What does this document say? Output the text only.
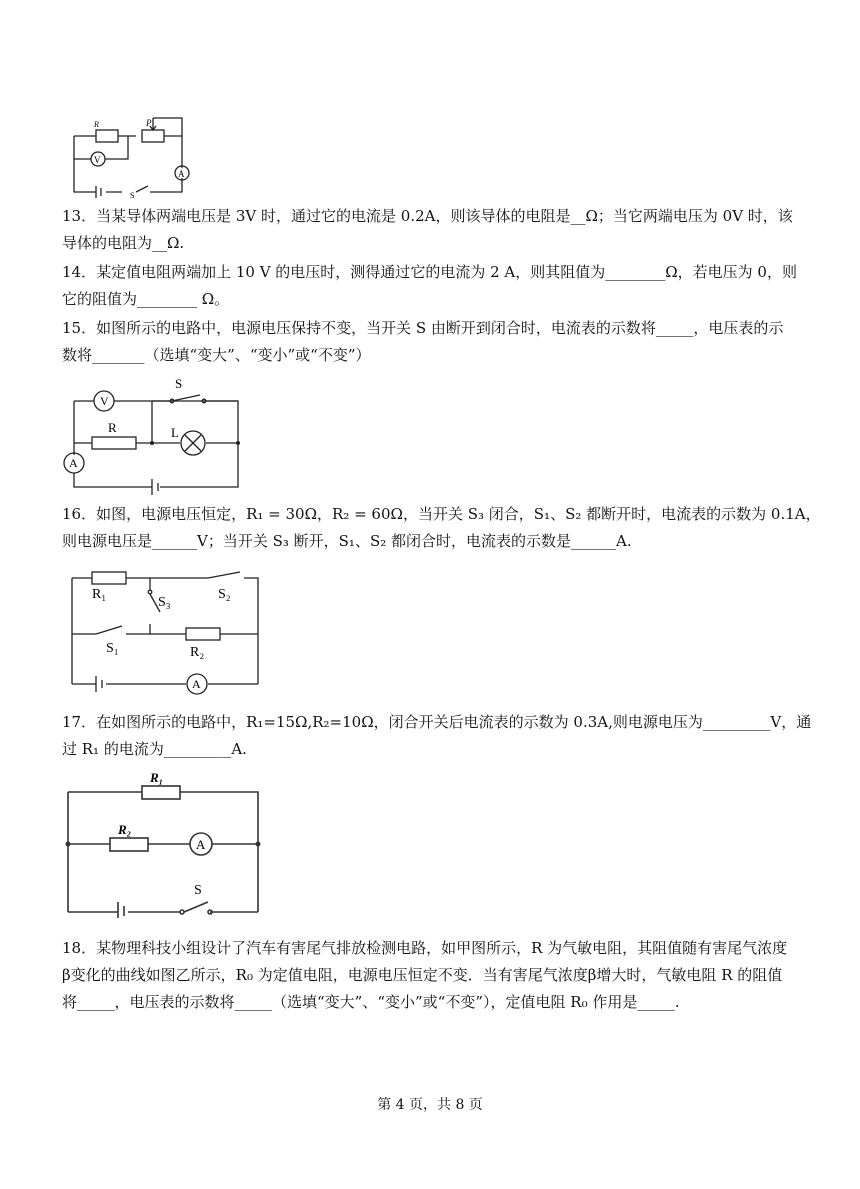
R	P
V
A
S

13．当某导体两端电压是 3V 时，通过它的电流是 0.2A，则该导体的电阻是__Ω；当它两端电压为 0V 时，该
导体的电阻为__Ω.

14．某定值电阻两端加上 10 V 的电压时，测得通过它的电流为 2 A，则其阻值为________Ω，若电压为 0，则
它的阻值为________ Ω。

15．如图所示的电路中，电源电压保持不变，当开关 S 由断开到闭合时，电流表的示数将_____，电压表的示
数将_______（选填“变大”、“变小”或“不变”）

V
S
R	L
A

16．如图，电源电压恒定，R₁ = 30Ω，R₂ = 60Ω，当开关 S₃ 闭合，S₁、S₂ 都断开时，电流表的示数为 0.1A，
则电源电压是______V；当开关 S₃ 断开，S₁、S₂ 都闭合时，电流表的示数是______A.

R₁
S₃
S₂
S₁	R₂
A

17．在如图所示的电路中，R₁=15Ω,R₂=10Ω，闭合开关后电流表的示数为 0.3A,则电源电压为_________V，通
过 R₁ 的电流为_________A.

R₁
R₂
A
S

18．某物理科技小组设计了汽车有害尾气排放检测电路，如甲图所示，R 为气敏电阻，其阻值随有害尾气浓度
β变化的曲线如图乙所示，R₀ 为定值电阻，电源电压恒定不变．当有害尾气浓度β增大时，气敏电阻 R 的阻值
将_____，电压表的示数将_____（选填“变大”、“变小”或“不变”），定值电阻 R₀ 作用是_____.

第 4 页，共 8 页
